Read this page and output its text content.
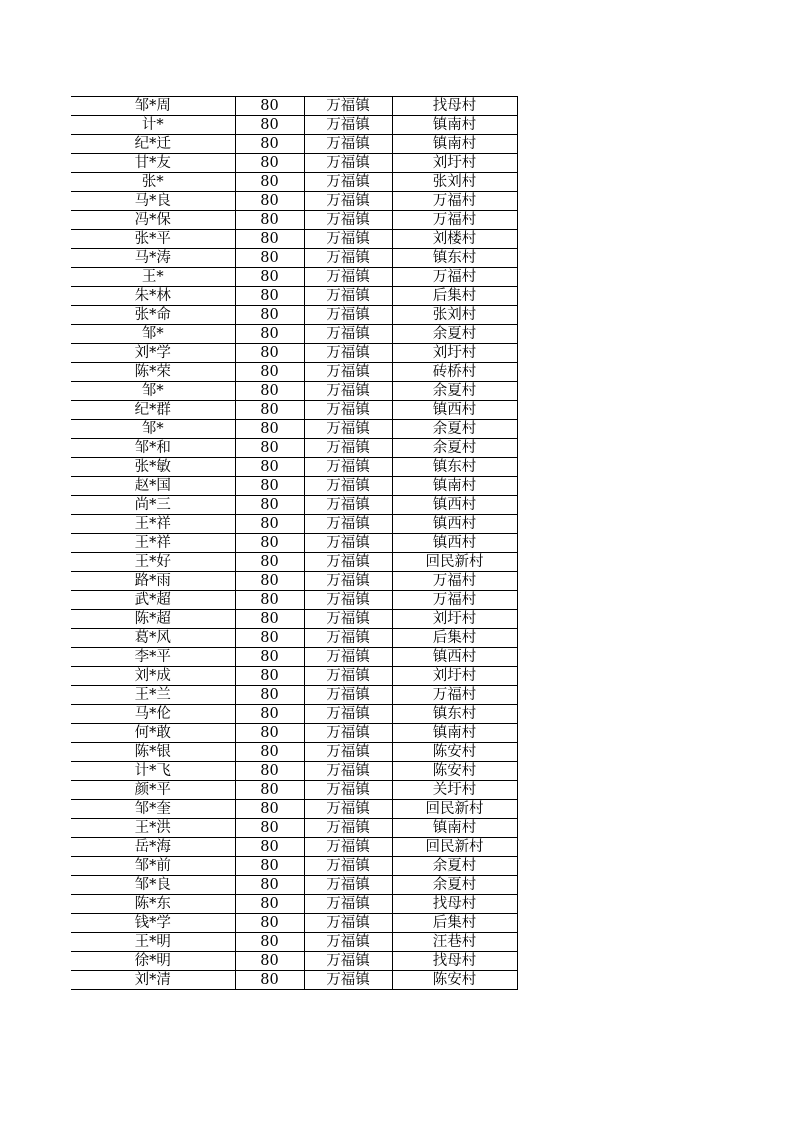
邹*周	80	万福镇	找母村
计*	80	万福镇	镇南村
纪*迁	80	万福镇	镇南村
甘*友	80	万福镇	刘圩村
张*	80	万福镇	张刘村
马*良	80	万福镇	万福村
冯*保	80	万福镇	万福村
张*平	80	万福镇	刘楼村
马*涛	80	万福镇	镇东村
王*	80	万福镇	万福村
朱*林	80	万福镇	后集村
张*命	80	万福镇	张刘村
邹*	80	万福镇	余夏村
刘*学	80	万福镇	刘圩村
陈*荣	80	万福镇	砖桥村
邹*	80	万福镇	余夏村
纪*群	80	万福镇	镇西村
邹*	80	万福镇	余夏村
邹*和	80	万福镇	余夏村
张*敏	80	万福镇	镇东村
赵*国	80	万福镇	镇南村
尚*三	80	万福镇	镇西村
王*祥	80	万福镇	镇西村
王*祥	80	万福镇	镇西村
王*好	80	万福镇	回民新村
路*雨	80	万福镇	万福村
武*超	80	万福镇	万福村
陈*超	80	万福镇	刘圩村
葛*风	80	万福镇	后集村
李*平	80	万福镇	镇西村
刘*成	80	万福镇	刘圩村
王*兰	80	万福镇	万福村
马*伦	80	万福镇	镇东村
何*敢	80	万福镇	镇南村
陈*银	80	万福镇	陈安村
计*飞	80	万福镇	陈安村
颜*平	80	万福镇	关圩村
邹*奎	80	万福镇	回民新村
王*洪	80	万福镇	镇南村
岳*海	80	万福镇	回民新村
邹*前	80	万福镇	余夏村
邹*良	80	万福镇	余夏村
陈*东	80	万福镇	找母村
钱*学	80	万福镇	后集村
王*明	80	万福镇	汪巷村
徐*明	80	万福镇	找母村
刘*清	80	万福镇	陈安村
